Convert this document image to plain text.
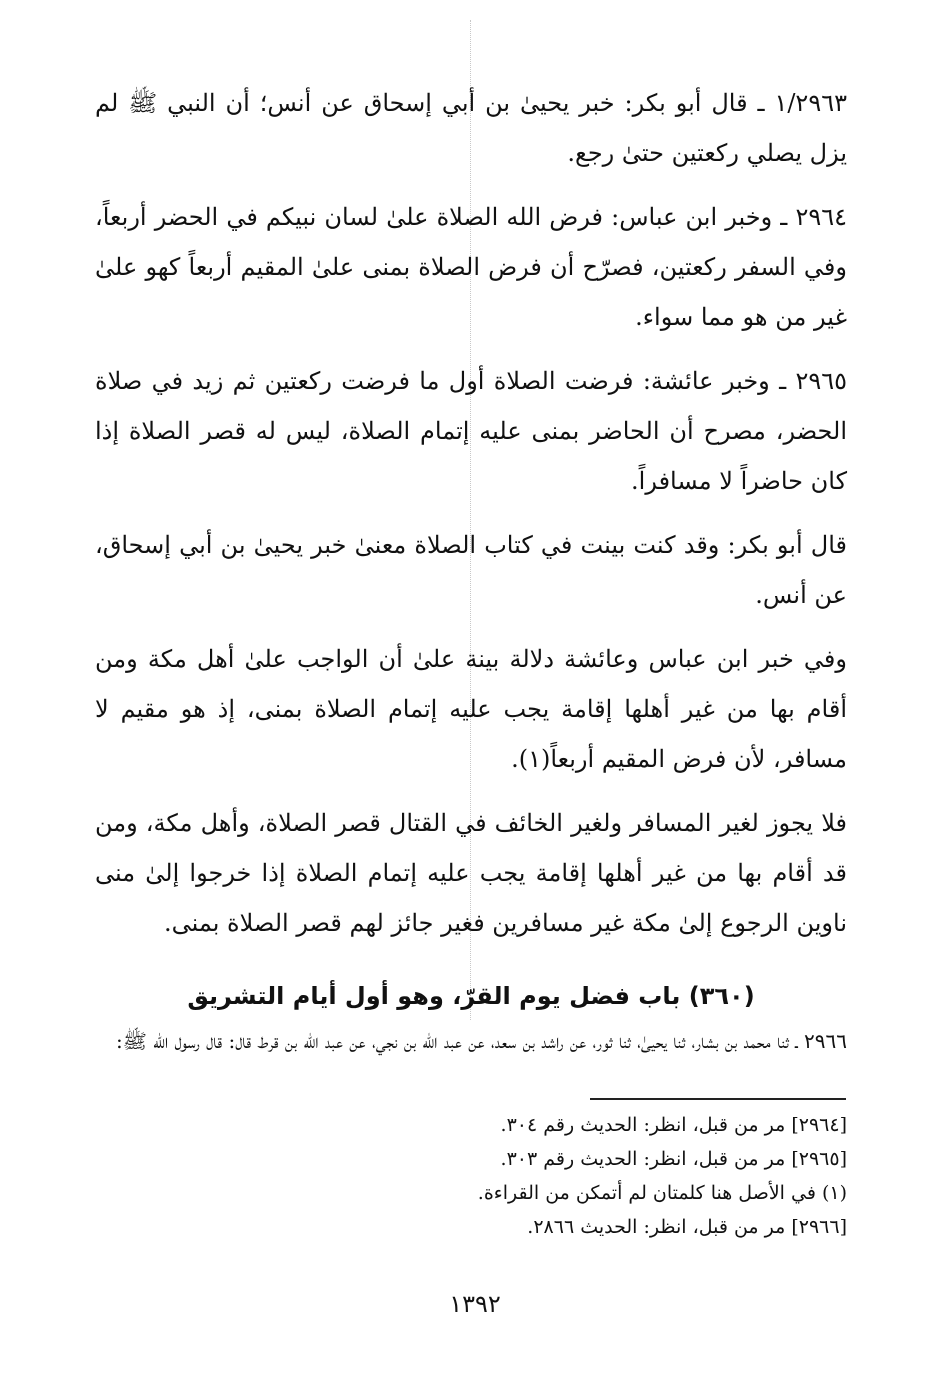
١/٢٩٦٣ ـ قال أبو بكر: خبر يحيىٰ بن أبي إسحاق عن أنس؛ أن النبي ﷺ لم يزل يصلي ركعتين حتىٰ رجع.

٢٩٦٤ ـ وخبر ابن عباس: فرض الله الصلاة علىٰ لسان نبيكم في الحضر أربعاً، وفي السفر ركعتين، فصرّح أن فرض الصلاة بمنى علىٰ المقيم أربعاً كهو علىٰ غير من هو مما سواء.

٢٩٦٥ ـ وخبر عائشة: فرضت الصلاة أول ما فرضت ركعتين ثم زيد في صلاة الحضر، مصرح أن الحاضر بمنى عليه إتمام الصلاة، ليس له قصر الصلاة إذا كان حاضراً لا مسافراً.

قال أبو بكر: وقد كنت بينت في كتاب الصلاة معنىٰ خبر يحيىٰ بن أبي إسحاق، عن أنس.

وفي خبر ابن عباس وعائشة دلالة بينة علىٰ أن الواجب علىٰ أهل مكة ومن أقام بها من غير أهلها إقامة يجب عليه إتمام الصلاة بمنى، إذ هو مقيم لا مسافر، لأن فرض المقيم أربعاً(١).

فلا يجوز لغير المسافر ولغير الخائف في القتال قصر الصلاة، وأهل مكة، ومن قد أقام بها من غير أهلها إقامة يجب عليه إتمام الصلاة إذا خرجوا إلىٰ منى ناوين الرجوع إلىٰ مكة غير مسافرين فغير جائز لهم قصر الصلاة بمنى.

(٣٦٠) باب فضل يوم القرّ، وهو أول أيام التشريق

٢٩٦٦ ـ ثنا محمد بن بشار، ثنا يحيىٰ، ثنا ثور، عن راشد بن سعد، عن عبد الله بن نجي، عن عبد الله بن قرط قال: قال رسول الله ﷺ:

[٢٩٦٤] مر من قبل، انظر: الحديث رقم ٣٠٤.

[٢٩٦٥] مر من قبل، انظر: الحديث رقم ٣٠٣.

(١) في الأصل هنا كلمتان لم أتمكن من القراءة.

[٢٩٦٦] مر من قبل، انظر: الحديث ٢٨٦٦.

١٣٩٢
